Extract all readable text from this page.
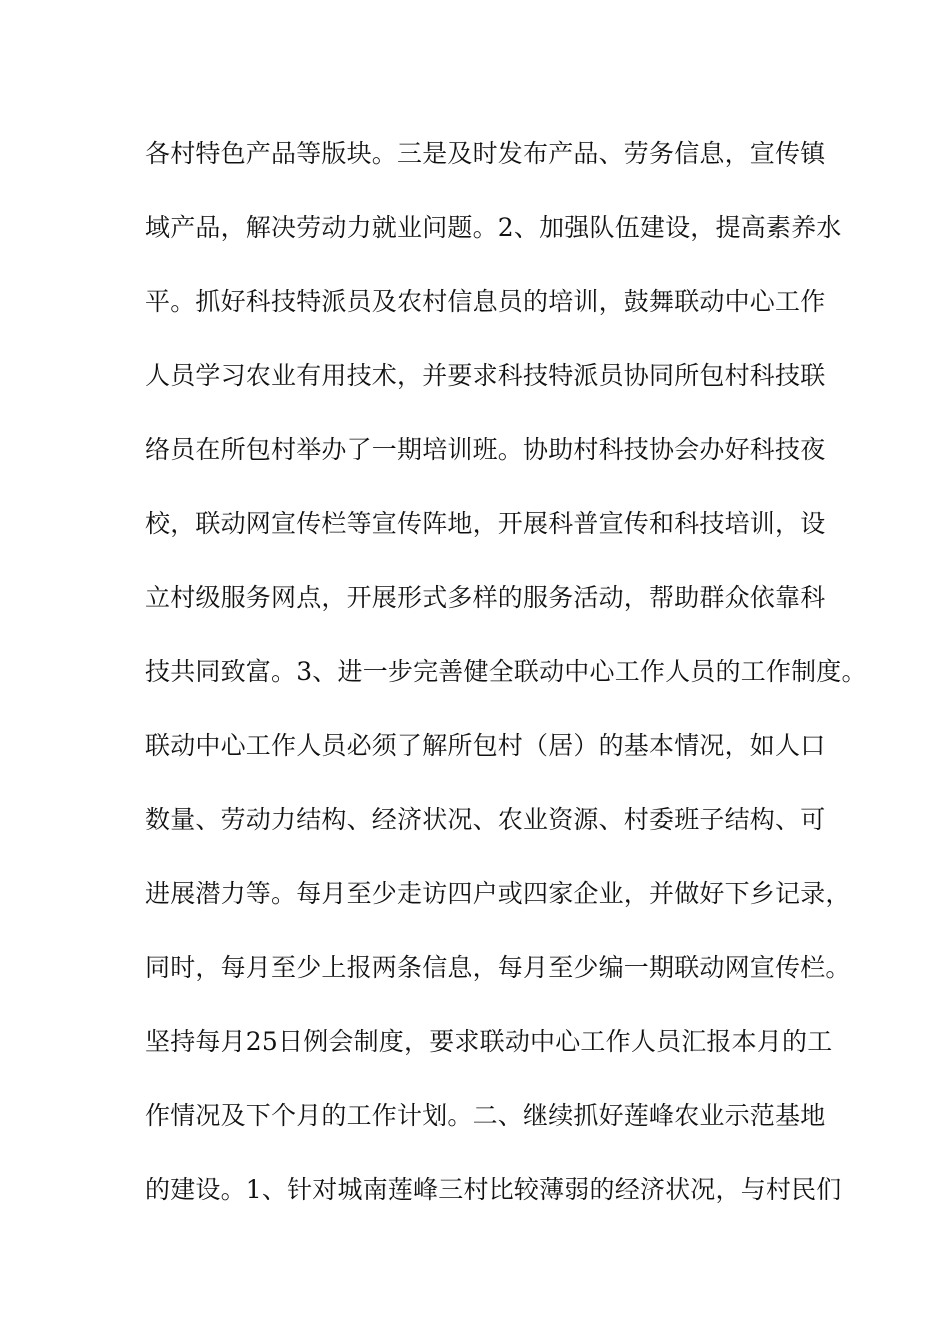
各村特色产品等版块。三是及时发布产品、劳务信息，宣传镇
域产品，解决劳动力就业问题。2、加强队伍建设，提高素养水
平。抓好科技特派员及农村信息员的培训，鼓舞联动中心工作
人员学习农业有用技术，并要求科技特派员协同所包村科技联
络员在所包村举办了一期培训班。协助村科技协会办好科技夜
校，联动网宣传栏等宣传阵地，开展科普宣传和科技培训，设
立村级服务网点，开展形式多样的服务活动，帮助群众依靠科
技共同致富。3、进一步完善健全联动中心工作人员的工作制度。
联动中心工作人员必须了解所包村（居）的基本情况，如人口
数量、劳动力结构、经济状况、农业资源、村委班子结构、可
进展潜力等。每月至少走访四户或四家企业，并做好下乡记录，
同时，每月至少上报两条信息，每月至少编一期联动网宣传栏。
坚持每月25日例会制度，要求联动中心工作人员汇报本月的工
作情况及下个月的工作计划。二、继续抓好莲峰农业示范基地
的建设。1、针对城南莲峰三村比较薄弱的经济状况，与村民们
